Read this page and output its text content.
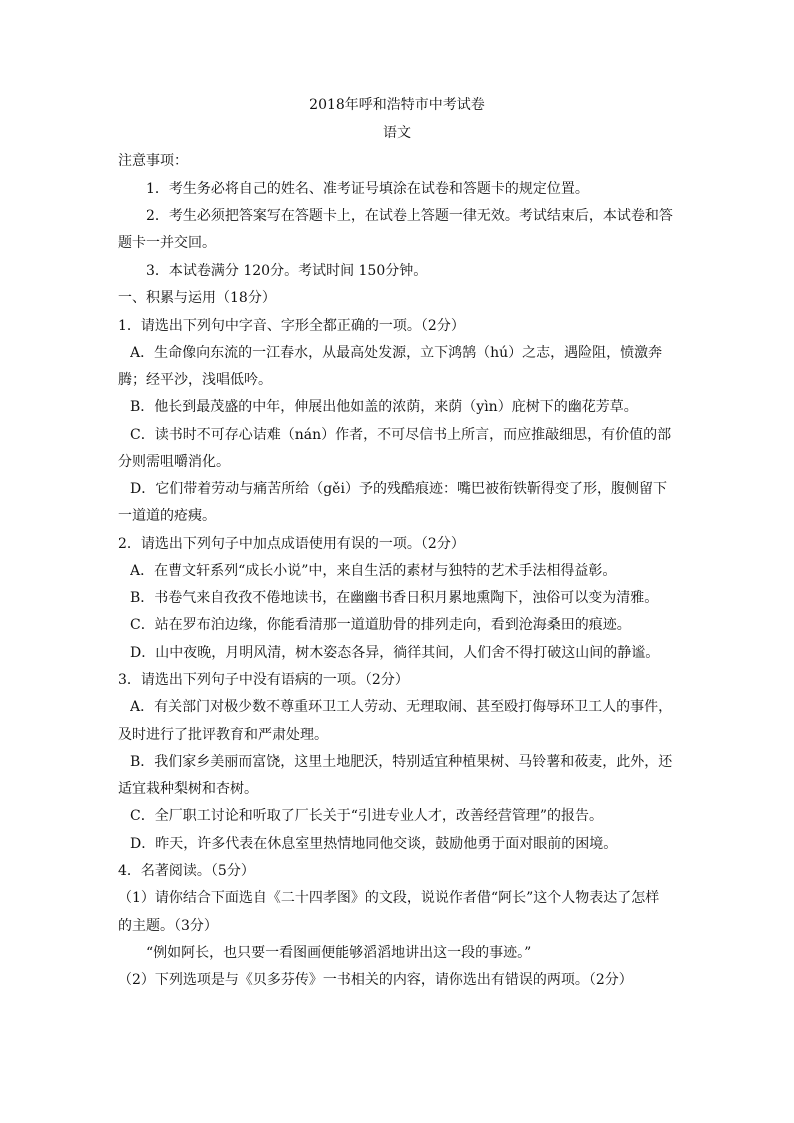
2018年呼和浩特市中考试卷
语文
注意事项：
1．考生务必将自己的姓名、准考证号填涂在试卷和答题卡的规定位置。
2．考生必须把答案写在答题卡上，在试卷上答题一律无效。考试结束后，本试卷和答
题卡一并交回。
3．本试卷满分 120分。考试时间 150分钟。
一、积累与运用（18分）
1．请选出下列句中字音、字形全都正确的一项。（2分）
A．生命像向东流的一江春水，从最高处发源，立下鸿鹄（hú）之志，遇险阻，愤激奔
腾；经平沙，浅唱低吟。
B．他长到最茂盛的中年，伸展出他如盖的浓荫，来荫（yìn）庇树下的幽花芳草。
C．读书时不可存心诘难（nán）作者，不可尽信书上所言，而应推敲细思，有价值的部
分则需咀嚼消化。
D．它们带着劳动与痛苦所给（gěi）予的残酷痕迹：嘴巴被衔铁靳得变了形，腹侧留下
一道道的疮痍。
2．请选出下列句子中加点成语使用有误的一项。（2分）
A．在曹文轩系列“成长小说”中，来自生活的素材与独特的艺术手法相得益彰。
B．书卷气来自孜孜不倦地读书，在幽幽书香日积月累地熏陶下，浊俗可以变为清雅。
C．站在罗布泊边缘，你能看清那一道道肋骨的排列走向，看到沧海桑田的痕迹。
D．山中夜晚，月明风清，树木姿态各异，徜徉其间，人们舍不得打破这山间的静谧。
3．请选出下列句子中没有语病的一项。（2分）
A．有关部门对极少数不尊重环卫工人劳动、无理取闹、甚至殴打侮辱环卫工人的事件，
及时进行了批评教育和严肃处理。
B．我们家乡美丽而富饶，这里土地肥沃，特别适宜种植果树、马铃薯和莜麦，此外，还
适宜栽种梨树和杏树。
C．全厂职工讨论和听取了厂长关于“引进专业人才，改善经营管理”的报告。
D．昨天，许多代表在休息室里热情地同他交谈，鼓励他勇于面对眼前的困境。
4．名著阅读。（5分）
（1）请你结合下面选自《二十四孝图》的文段，说说作者借“阿长”这个人物表达了怎样
的主题。（3分）
“例如阿长，也只要一看图画便能够滔滔地讲出这一段的事迹。”
（2）下列选项是与《贝多芬传》一书相关的内容，请你选出有错误的两项。（2分）
